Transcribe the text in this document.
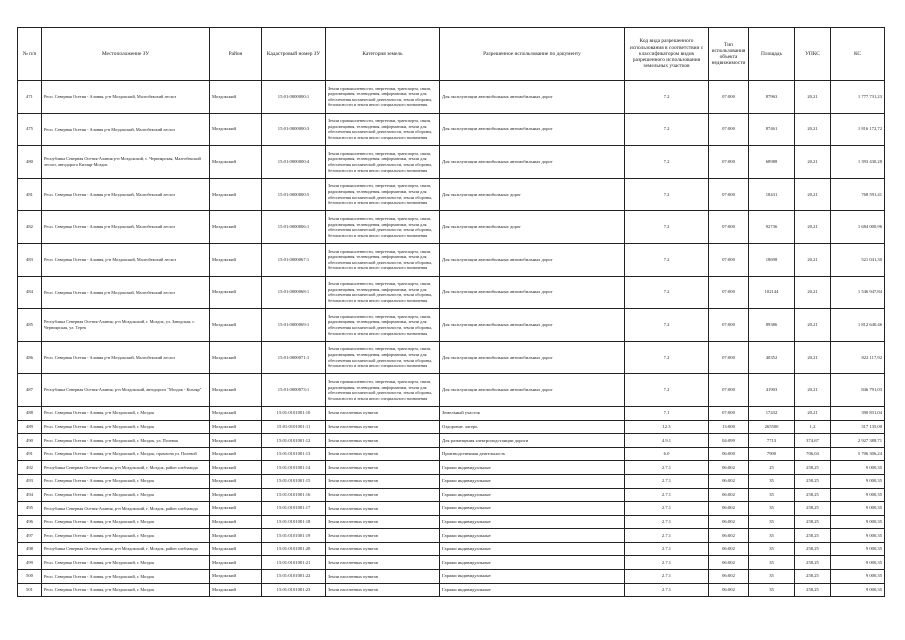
№ п/п	Местоположение ЗУ	Район	Кадастровый номер ЗУ	Категория земель	Разрешенное использование по документу	Код вида разрешенного использования в соответствии с классификатором видов разрешенного использования земельных участков	Тип использования объекта недвижимости	Площадь	УПКС	КС
471	Респ. Северная Осетия - Алания, р-н Моздокский, Малгобекский лесхоз	Моздокский	15:01:0000000:1	Земли промышленности, энергетики, транспорта, связи, радиовещания, телевидения, информатики, земли для обеспечения космической деятельности, земли обороны, безопасности и земли иного специального назначения	Для эксплуатации автомобильных автомобильных дорог	7.2	07:000	87963	20,21	1 777 731,23
475	Респ. Северная Осетия - Алания р-н Моздокский, Малгобекский лесхоз	Моздокский	15:01:0000000:3	Земли промышленности, энергетики, транспорта, связи, радиовещания, телевидения, информатики, земли для обеспечения космической деятельности, земли обороны, безопасности и земли иного специального назначения	Для эксплуатации автомобильных автомобильных дорог	7.2	07:000	87461	20,21	1 816 172,72
480	Республика Северная Осетия-Алания р-н Моздокский, с. Черноярская, Малгобекский лесхоз, автодорога Кизляр-Моздок	Моздокский	15:01:0000000:4	Земли промышленности, энергетики, транспорта, связи, радиовещания, телевидения, информатики, земли для обеспечения космической деятельности, земли обороны, безопасности и земли иного специального назначения	Для эксплуатации автомобильных автомобильных дорог	7.2	07:000	68988	20,21	1 393 430,28
481	Респ. Северная Осетия - Алания р-н Моздокский, Малгобекский лесхоз	Моздокский	15:01:0000000:5	Земли промышленности, энергетики, транспорта, связи, радиовещания, телевидения, информатики, земли для обеспечения космической деятельности, земли обороны, безопасности и земли иного специального назначения	Для эксплуатации автомобильных дорог	7.2	07:000	18431	20,21	768 591,41
482	Респ. Северная Осетия - Алания р-н Моздокский, Малгобекский лесхоз	Моздокский	15:01:0000006:1	Земли промышленности, энергетики, транспорта, связи, радиовещания, телевидения, информатики, земли для обеспечения космической деятельности, земли обороны, безопасности и земли иного специального назначения	Для эксплуатации автомобильных дорог	7.2	07:000	92736	20,21	1 684 000,96
483	Респ. Северная Осетия - Алания, р-н Моздокский, Малгобекский лесхоз	Моздокский	15:01:0000067:1	Земли промышленности, энергетики, транспорта, связи, радиовещания, телевидения, информатики, земли для обеспечения космической деятельности, земли обороны, безопасности и земли иного специального назначения	Для эксплуатации автомобильных автомобильных дорог	7.2	07:000	18698	20,21	521 041,30
484	Респ. Северная Осетия - Алания р-н Моздокский, Малгобекский лесхоз	Моздокский	15:01:0000068:1	Земли промышленности, энергетики, транспорта, связи, радиовещания, телевидения, информатики, земли для обеспечения космической деятельности, земли обороны, безопасности и земли иного специального назначения	Для эксплуатации автомобильных автомобильных дорог	7.2	07:000	102144	20,21	1 546 947,84
485	Республика Северная Осетия-Алания, р-н Моздокский, г. Моздок, ул. Заводская, с. Черноярская, ул. Терек	Моздокский	15:01:0000069:1	Земли промышленности, энергетики, транспорта, связи, радиовещания, телевидения, информатики, земли для обеспечения космической деятельности, земли обороны, безопасности и земли иного специального назначения	Для эксплуатации автомобильных автомобильных дорог	7.2	07:000	89386	20,21	1 812 640,46
486	Респ. Северная Осетия - Алания р-н Моздокский, Малгобекский лесхоз	Моздокский	15:01:0000071:1	Земли промышленности, энергетики, транспорта, связи, радиовещания, телевидения, информатики, земли для обеспечения космической деятельности, земли обороны, безопасности и земли иного специального назначения	Для эксплуатации автомобильных автомобильных дорог	7.2	07:000	40352	20,21	822 117,92
487	Республика Северная Осетия-Алания, р-н Моздокский, автодорога "Моздок - Кизляр"	Моздокский	15:01:0000073:1	Земли промышленности, энергетики, транспорта, связи, радиовещания, телевидения, информатики, земли для обеспечения космической деятельности, земли обороны, безопасности и земли иного специального назначения	Для эксплуатации автомобильных автомобильных дорог	7.2	07:000	41903	20,21	846 791,03
488	Респ. Северная Осетия - Алания, р-н Моздокский, г. Моздок	Моздокский	15:01:0101001:10	Земли населенных пунктов	Земельный участок	7.1	07:000	17432	20,21	390 831,04
489	Респ. Северная Осетия - Алания, р-н Моздокский, г. Моздок	Моздокский	15:01:0101001:11	Земли населенных пунктов	Оздоровит. лагерь	12.3	13:000	265500	1,2	317 135,00
490	Респ. Северная Осетия - Алания, р-н Моздокский, г. Моздок, ул. Полевая	Моздокский	15:01:0101001:12	Земли населенных пунктов	Для размещения электроподстанции дороги	4.9.1	04:099	7713	374,67	2 927 388,71
491	Респ. Северная Осетия - Алания, р-н Моздокский, г. Моздок, промзона ул. Полевой	Моздокский	15:01:0101001:13	Земли населенных пунктов	Производственная деятельность	6.0	06:000	7900	706,04	5 706 306,24
492	Республика Северная Осетия-Алания, р-н Моздокский, г. Моздок, район хлебзавода	Моздокский	15:01:0101001:14	Земли населенных пунктов	Гаражи индивидуальные	2.7.1	06:002	25	258,25	9 000,35
493	Респ. Северная Осетия - Алания, р-н Моздокский, г. Моздок	Моздокский	15:01:0101001:15	Земли населенных пунктов	Гаражи индивидуальные	2.7.1	06:002	35	258,25	9 000,35
494	Респ. Северная Осетия - Алания, р-н Моздокский, г. Моздок	Моздокский	15:01:0101001:16	Земли населенных пунктов	Гаражи индивидуальные	2.7.1	06:002	35	258,25	9 000,35
495	Республика Северная Осетия-Алания, р-н Моздокский, г. Моздок, район хлебзавода	Моздокский	15:01:0101001:17	Земли населенных пунктов	Гаражи индивидуальные	2.7.1	06:002	35	258,25	9 000,35
496	Респ. Северная Осетия - Алания, р-н Моздокский, г. Моздок	Моздокский	15:01:0101001:18	Земли населенных пунктов	Гаражи индивидуальные	2.7.1	06:002	35	258,25	9 000,35
497	Респ. Северная Осетия - Алания, р-н Моздокский, г. Моздок	Моздокский	15:01:0101001:19	Земли населенных пунктов	Гаражи индивидуальные	2.7.1	06:002	35	258,25	9 000,35
498	Республика Северная Осетия-Алания, р-н Моздокский, г. Моздок, район хлебзавода	Моздокский	15:01:0101001:20	Земли населенных пунктов	Гаражи индивидуальные	2.7.1	06:002	35	258,25	9 000,35
499	Респ. Северная Осетия - Алания, р-н Моздокский, г. Моздок	Моздокский	15:01:0101001:21	Земли населенных пунктов	Гаражи индивидуальные	2.7.1	06:002	35	258,25	9 000,35
500	Респ. Северная Осетия - Алания, р-н Моздокский, г. Моздок	Моздокский	15:01:0101001:22	Земли населенных пунктов	Гаражи индивидуальные	2.7.1	06:002	35	258,25	9 000,35
501	Респ. Северная Осетия - Алания, р-н Моздокский, г. Моздок	Моздокский	15:01:0101001:23	Земли населенных пунктов	Гаражи индивидуальные	2.7.1	06:002	35	258,25	9 000,35
